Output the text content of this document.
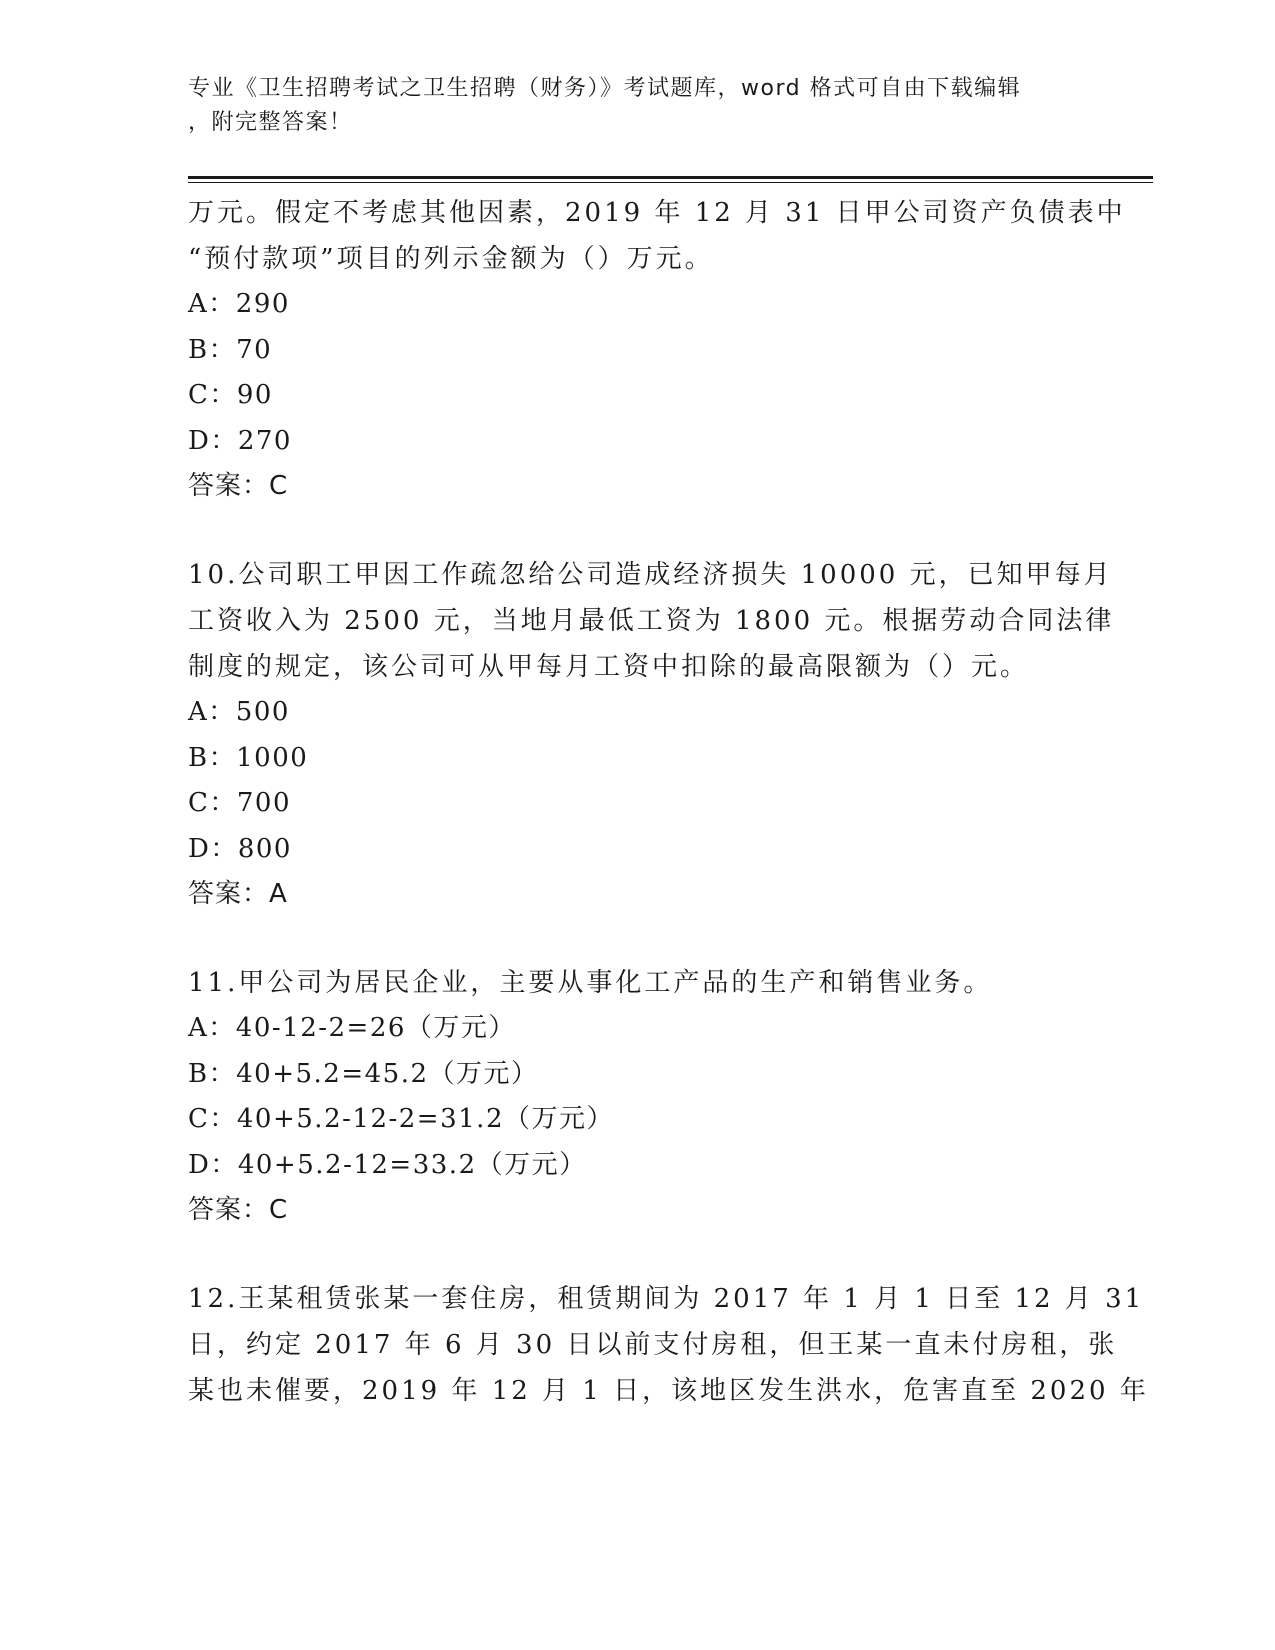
专业《卫生招聘考试之卫生招聘（财务）》考试题库，word 格式可自由下载编辑
，附完整答案！
万元。假定不考虑其他因素，2019 年 12 月 31 日甲公司资产负债表中
“预付款项”项目的列示金额为（）万元。
A：290
B：70
C：90
D：270
答案：C
10.公司职工甲因工作疏忽给公司造成经济损失 10000 元，已知甲每月
工资收入为 2500 元，当地月最低工资为 1800 元。根据劳动合同法律
制度的规定，该公司可从甲每月工资中扣除的最高限额为（）元。
A：500
B：1000
C：700
D：800
答案：A
11.甲公司为居民企业，主要从事化工产品的生产和销售业务。
A：40-12-2=26（万元）
B：40+5.2=45.2（万元）
C：40+5.2-12-2=31.2（万元）
D：40+5.2-12=33.2（万元）
答案：C
12.王某租赁张某一套住房，租赁期间为 2017 年 1 月 1 日至 12 月 31
日，约定 2017 年 6 月 30 日以前支付房租，但王某一直未付房租，张
某也未催要，2019 年 12 月 1 日，该地区发生洪水，危害直至 2020 年
